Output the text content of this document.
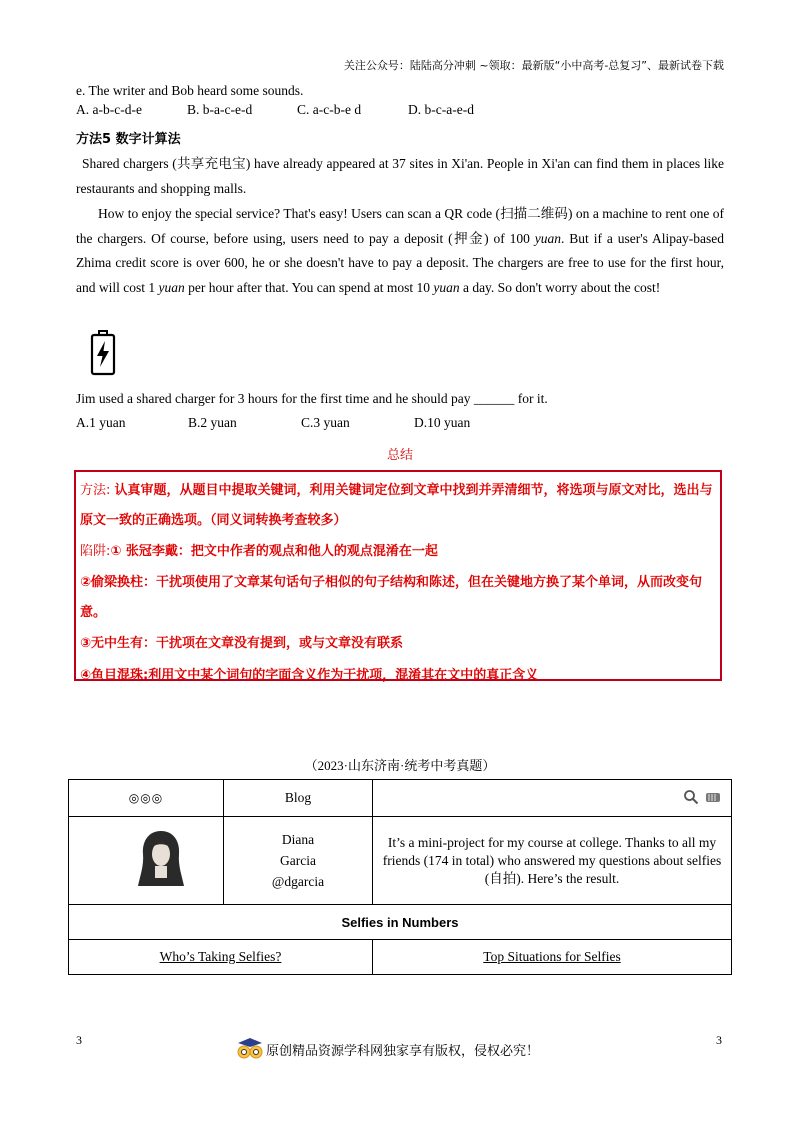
关注公众号：陆陆高分冲刺 ~领取：最新版“小中高考-总复习”、最新试卷下载
e. The writer and Bob heard some sounds.
A. a-b-c-d-e	B. b-a-c-e-d	C. a-c-b-e d	D. b-c-a-e-d
方法5 数字计算法
Shared chargers (共享充电宝) have already appeared at 37 sites in Xi'an. People in Xi'an can find them in places like restaurants and shopping malls.
How to enjoy the special service? That's easy! Users can scan a QR code (扫描二维码) on a machine to rent one of the chargers. Of course, before using, users need to pay a deposit (押金) of 100 yuan. But if a user's Alipay-based Zhima credit score is over 600, he or she doesn't have to pay a deposit. The chargers are free to use for the first hour, and will cost 1 yuan per hour after that. You can spend at most 10 yuan a day. So don't worry about the cost!
Jim used a shared charger for 3 hours for the first time and he should pay ______ for it.
A.1 yuan	B.2 yuan	C.3 yuan	D.10 yuan
总结
方法: 认真审题，从题目中提取关键词，利用关键词定位到文章中找到并弄清细节，将选项与原文对比，选出与原文一致的正确选项。（同义词转换考查较多）
陷阱:① 张冠李戴：把文中作者的观点和他人的观点混淆在一起
②偷梁换柱：干扰项使用了文章某句话句子相似的句子结构和陈述，但在关键地方换了某个单词，从而改变句意。
③无中生有：干扰项在文章没有提到，或与文章没有联系
④鱼目混珠:利用文中某个词句的字面含义作为干扰项，混淆其在文中的真正含义
（2023·山东济南·统考中考真题）
◎◎◎	Blog	

Diana
Garcia
@dgarcia	It’s a mini-project for my course at college. Thanks to all my friends (174 in total) who answered my questions about selfies (自拍). Here’s the result.
Selfies in Numbers		
Who’s Taking Selfies?		Top Situations for Selfies
3	3
原创精品资源学科网独家享有版权，侵权必究！
